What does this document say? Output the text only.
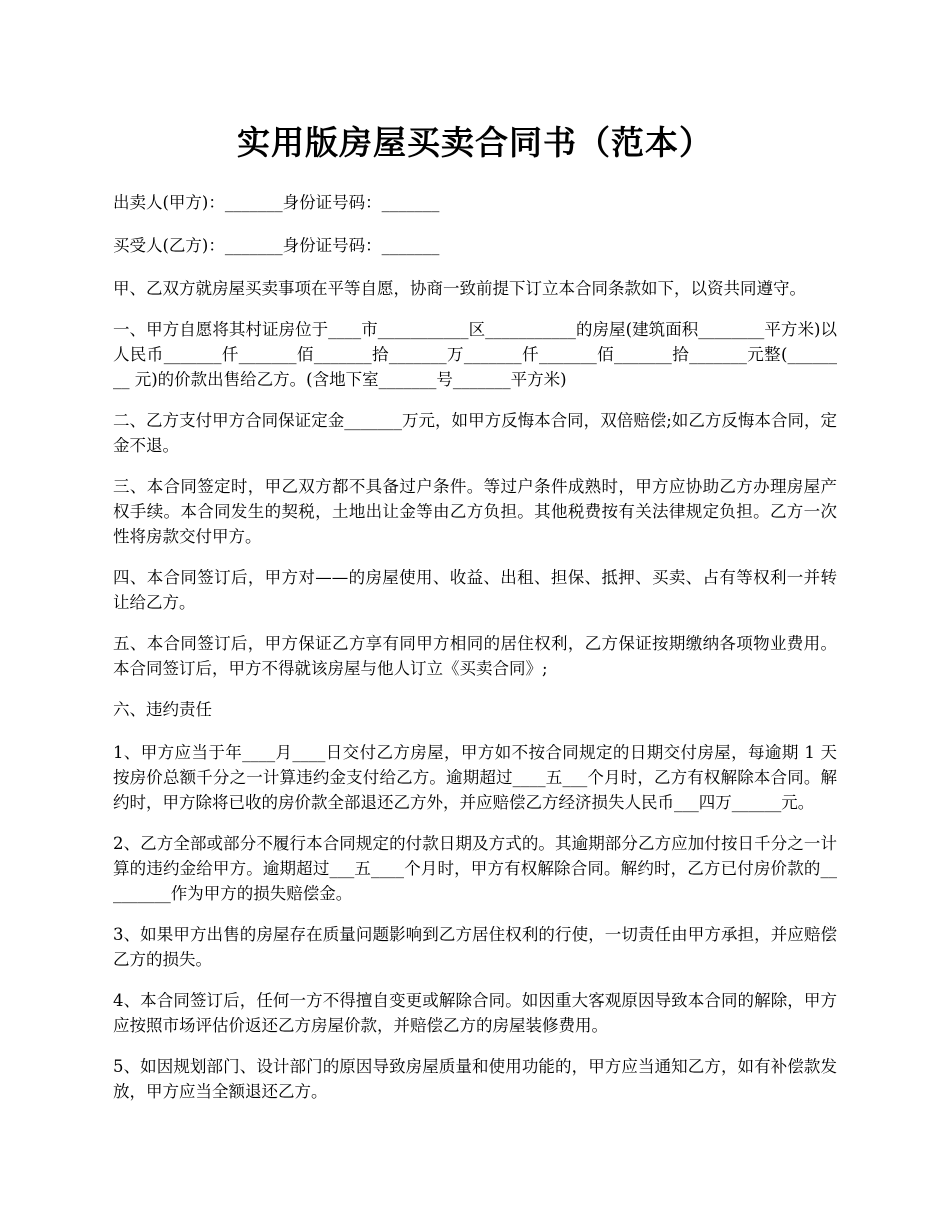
实用版房屋买卖合同书（范本）

出卖人(甲方)：_______身份证号码：_______

买受人(乙方)：_______身份证号码：_______

甲、乙双方就房屋买卖事项在平等自愿，协商一致前提下订立本合同条款如下，以资共同遵守。

一、甲方自愿将其村证房位于____市___________区___________的房屋(建筑面积________平方米)以人民币_______仟_______佰_______拾_______万_______仟_______佰_______拾_______元整(________ 元)的价款出售给乙方。(含地下室_______号_______平方米)

二、乙方支付甲方合同保证定金_______万元，如甲方反悔本合同，双倍赔偿;如乙方反悔本合同，定金不退。

三、本合同签定时，甲乙双方都不具备过户条件。等过户条件成熟时，甲方应协助乙方办理房屋产权手续。本合同发生的契税，土地出让金等由乙方负担。其他税费按有关法律规定负担。乙方一次性将房款交付甲方。

四、本合同签订后，甲方对——的房屋使用、收益、出租、担保、抵押、买卖、占有等权利一并转让给乙方。

五、本合同签订后，甲方保证乙方享有同甲方相同的居住权利，乙方保证按期缴纳各项物业费用。本合同签订后，甲方不得就该房屋与他人订立《买卖合同》;

六、违约责任

1、甲方应当于年____月____日交付乙方房屋，甲方如不按合同规定的日期交付房屋，每逾期 1 天按房价总额千分之一计算违约金支付给乙方。逾期超过____五___个月时，乙方有权解除本合同。解约时，甲方除将已收的房价款全部退还乙方外，并应赔偿乙方经济损失人民币___四万______元。

2、乙方全部或部分不履行本合同规定的付款日期及方式的。其逾期部分乙方应加付按日千分之一计算的违约金给甲方。逾期超过___五____个月时，甲方有权解除合同。解约时，乙方已付房价款的_________作为甲方的损失赔偿金。

3、如果甲方出售的房屋存在质量问题影响到乙方居住权利的行使，一切责任由甲方承担，并应赔偿乙方的损失。

4、本合同签订后，任何一方不得擅自变更或解除合同。如因重大客观原因导致本合同的解除，甲方应按照市场评估价返还乙方房屋价款，并赔偿乙方的房屋装修费用。

5、如因规划部门、设计部门的原因导致房屋质量和使用功能的，甲方应当通知乙方，如有补偿款发放，甲方应当全额退还乙方。
